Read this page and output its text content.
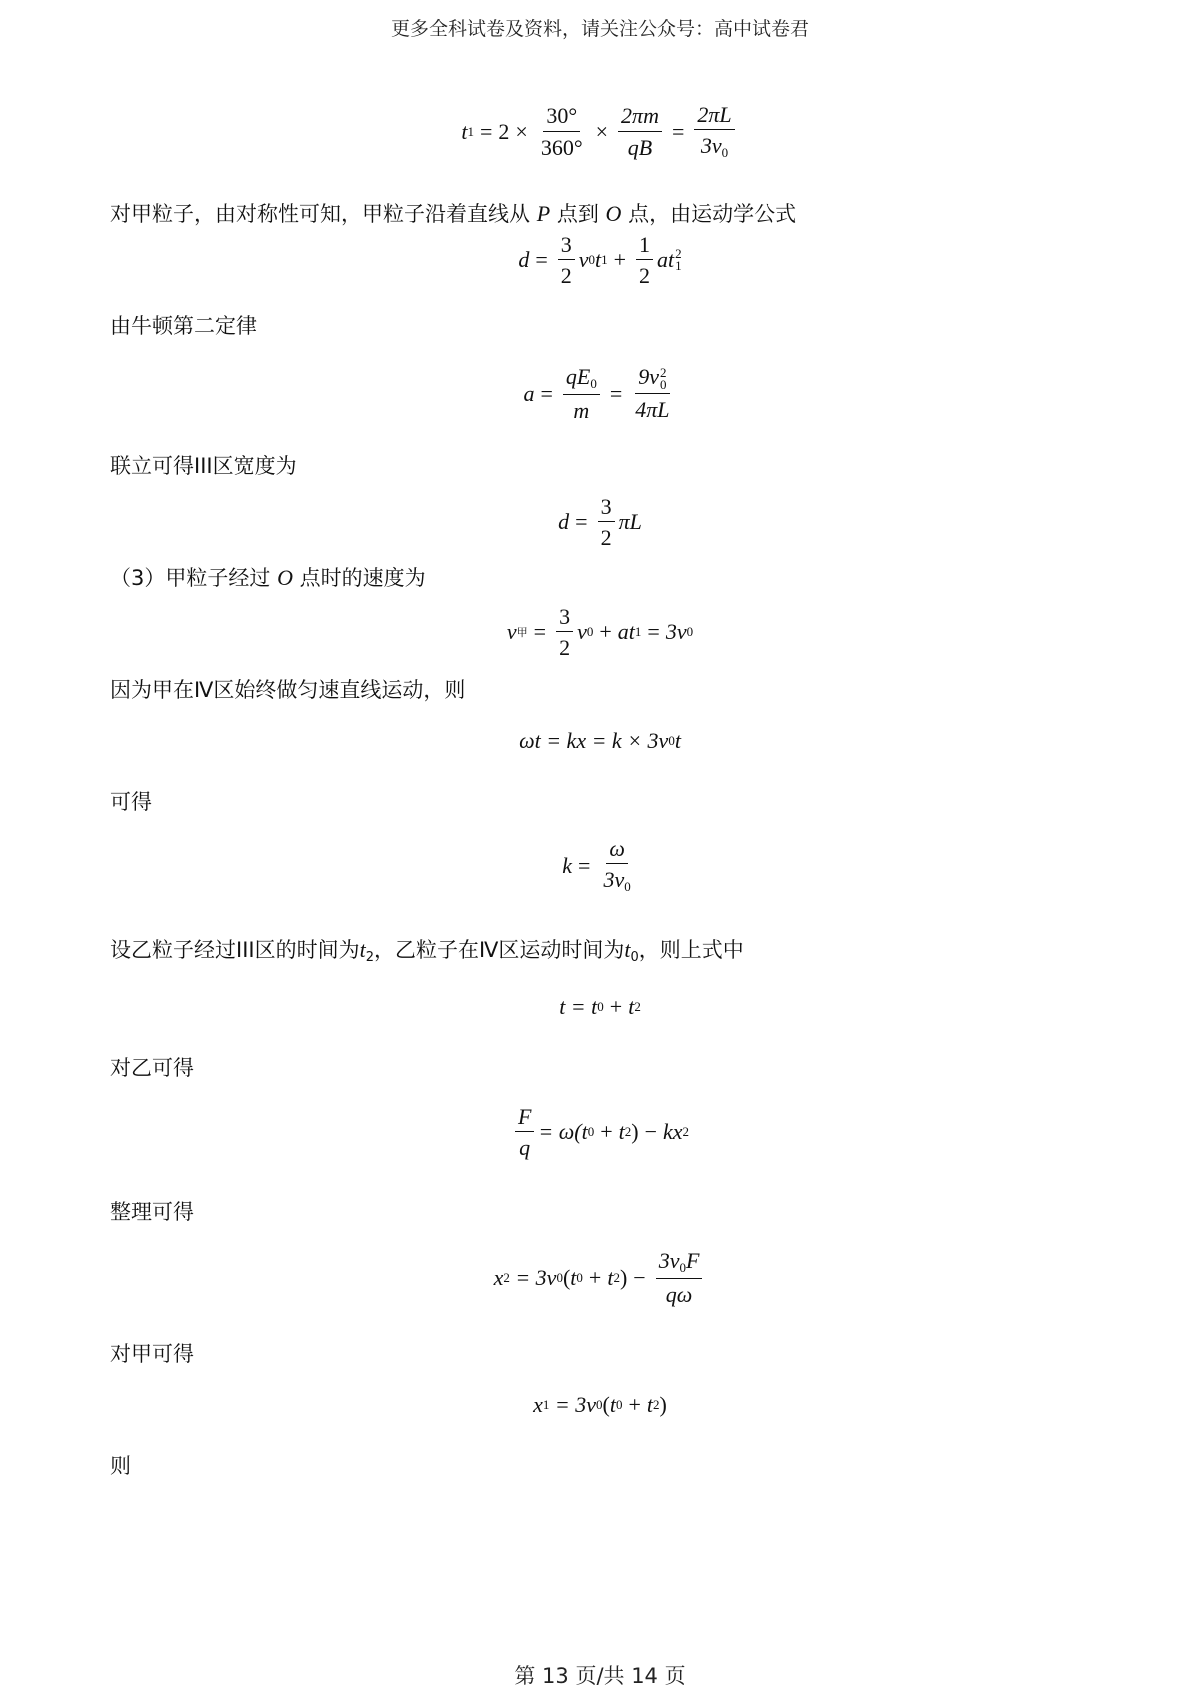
更多全科试卷及资料，请关注公众号：高中试卷君
t $1 = 2 \times \frac{30^\circ}{360^\circ} \times \frac{2\pi m}{qB} = \frac{2\pi L}{3v_0}$
对甲粒子，由对称性可知，甲粒子沿着直线从 P 点到 O 点，由运动学公式
$d = \frac{3}{2}$ v 0 t $1 + \frac{1}{2}$ at 2
1
由牛顿第二定律
$a = \frac{qE_0}{m} = 9v$ 2
0
4πL
联立可得III区宽度为
$d = \frac{3}{2}$ πL
（3）甲粒子经过 O 点时的速度为
v 甲 = $\frac{3}{2}$ v 0 + at 1 = 3v 0
因为甲在Ⅳ区始终做匀速直线运动，则
ωt = kx = k × 3v 0 t
可得
$k = \frac{\omega}{3v_0}$
设乙粒子经过III区的时间为$t_2$，乙粒子在Ⅳ区运动时间为$t_0$，则上式中
t = t 0 + t 2
对乙可得
$\frac{F}{q} = \omega(t$ 0 + t 2 ) − kx 2
整理可得
x 2
= 3v 0 ( t 0 + t 2 ) − $\frac{3v_0F}{q\omega}$
对甲可得
x 1
= 3v 0 ( t 0 + t 2 )
则
第 13 页/共 14 页
